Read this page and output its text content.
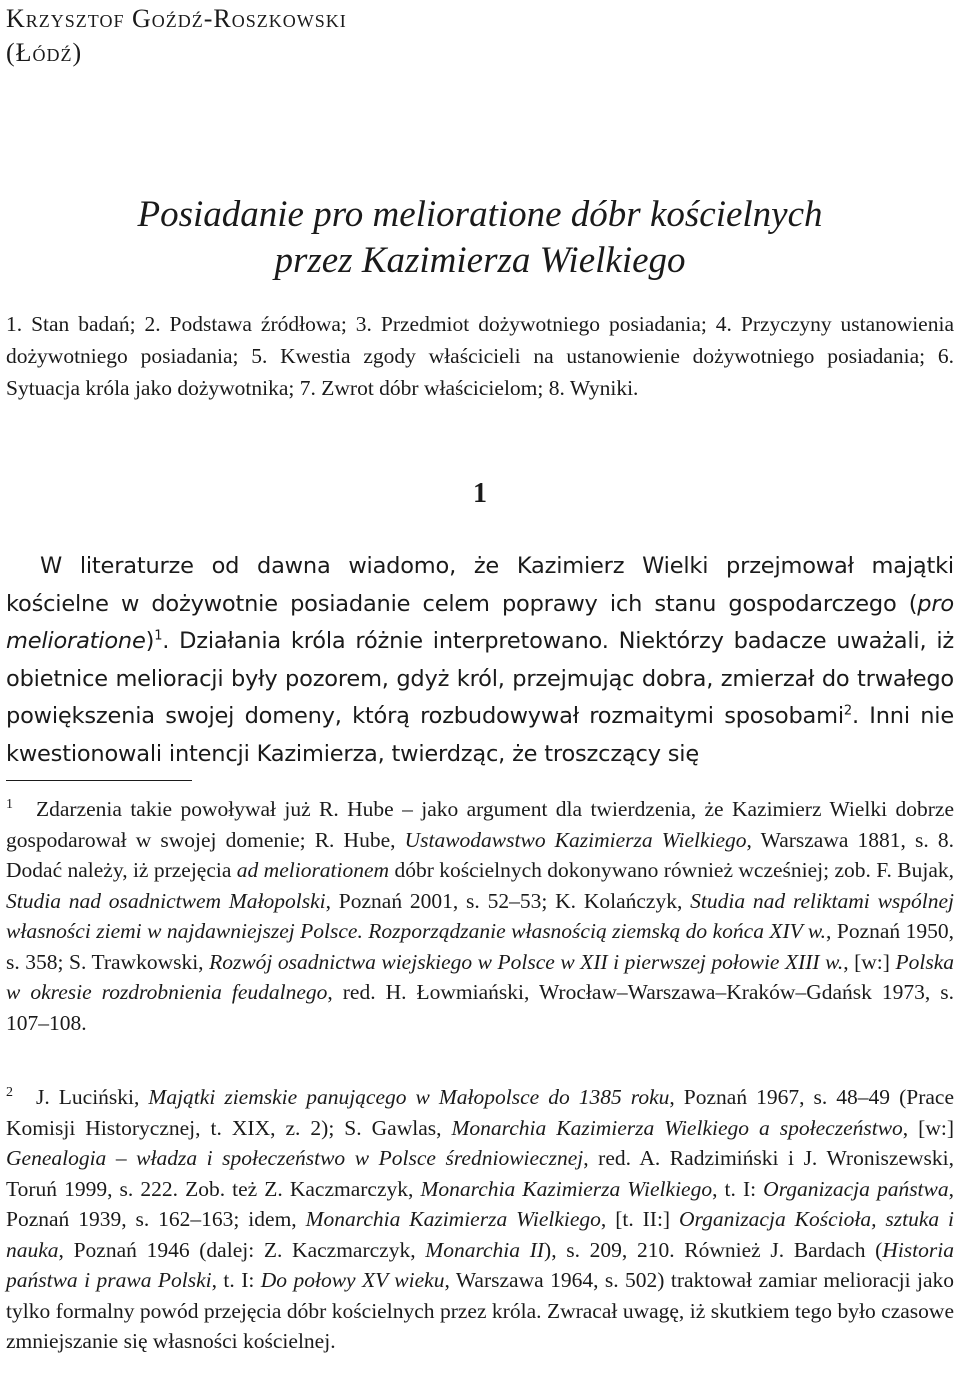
Krzysztof Goźdź-Roszkowski

(Łódź)

Posiadanie pro melioratione dóbr kościelnych
przez Kazimierza Wielkiego

1. Stan badań; 2. Podstawa źródłowa; 3. Przedmiot dożywotniego posiadania; 4. Przyczyny ustanowienia dożywotniego posiadania; 5. Kwestia zgody właścicieli na ustanowienie dożywotniego posiadania; 6. Sytuacja króla jako dożywotnika; 7. Zwrot dóbr właścicielom; 8. Wyniki.

1

W literaturze od dawna wiadomo, że Kazimierz Wielki przejmował majątki kościelne w dożywotnie posiadanie celem poprawy ich stanu gospodarczego (pro melioratione)$^1$. Działania króla różnie interpretowano. Niektórzy badacze uważali, iż obietnice melioracji były pozorem, gdyż król, przejmując dobra, zmierzał do trwałego powiększenia swojej domeny, którą rozbudowywał rozmaitymi sposobami$^2$. Inni nie kwestionowali intencji Kazimierza, twierdząc, że troszczący się

1 Zdarzenia takie powoływał już R. Hube – jako argument dla twierdzenia, że Kazimierz Wielki dobrze gospodarował w swojej domenie; R. Hube, Ustawodawstwo Kazimierza Wielkiego, Warszawa 1881, s. 8. Dodać należy, iż przejęcia ad meliorationem dóbr kościelnych dokonywano również wcześniej; zob. F. Bujak, Studia nad osadnictwem Małopolski, Poznań 2001, s. 52–53; K. Kolańczyk, Studia nad reliktami wspólnej własności ziemi w najdawniejszej Polsce. Rozporządzanie własnością ziemską do końca XIV w., Poznań 1950, s. 358; S. Trawkowski, Rozwój osadnictwa wiejskiego w Polsce w XII i pierwszej połowie XIII w., [w:] Polska w okresie rozdrobnienia feudalnego, red. H. Łowmiański, Wrocław–Warszawa–Kraków–Gdańsk 1973, s. 107–108.

2 J. Luciński, Majątki ziemskie panującego w Małopolsce do 1385 roku, Poznań 1967, s. 48–49 (Prace Komisji Historycznej, t. XIX, z. 2); S. Gawlas, Monarchia Kazimierza Wielkiego a społeczeństwo, [w:] Genealogia – władza i społeczeństwo w Polsce średniowiecznej, red. A. Radzimiński i J. Wroniszewski, Toruń 1999, s. 222. Zob. też Z. Kaczmarczyk, Monarchia Kazimierza Wielkiego, t. I: Organizacja państwa, Poznań 1939, s. 162–163; idem, Monarchia Kazimierza Wielkiego, [t. II:] Organizacja Kościoła, sztuka i nauka, Poznań 1946 (dalej: Z. Kaczmarczyk, Monarchia II), s. 209, 210. Również J. Bardach (Historia państwa i prawa Polski, t. I: Do połowy XV wieku, Warszawa 1964, s. 502) traktował zamiar melioracji jako tylko formalny powód przejęcia dóbr kościelnych przez króla. Zwracał uwagę, iż skutkiem tego było czasowe zmniejszanie się własności kościelnej.
